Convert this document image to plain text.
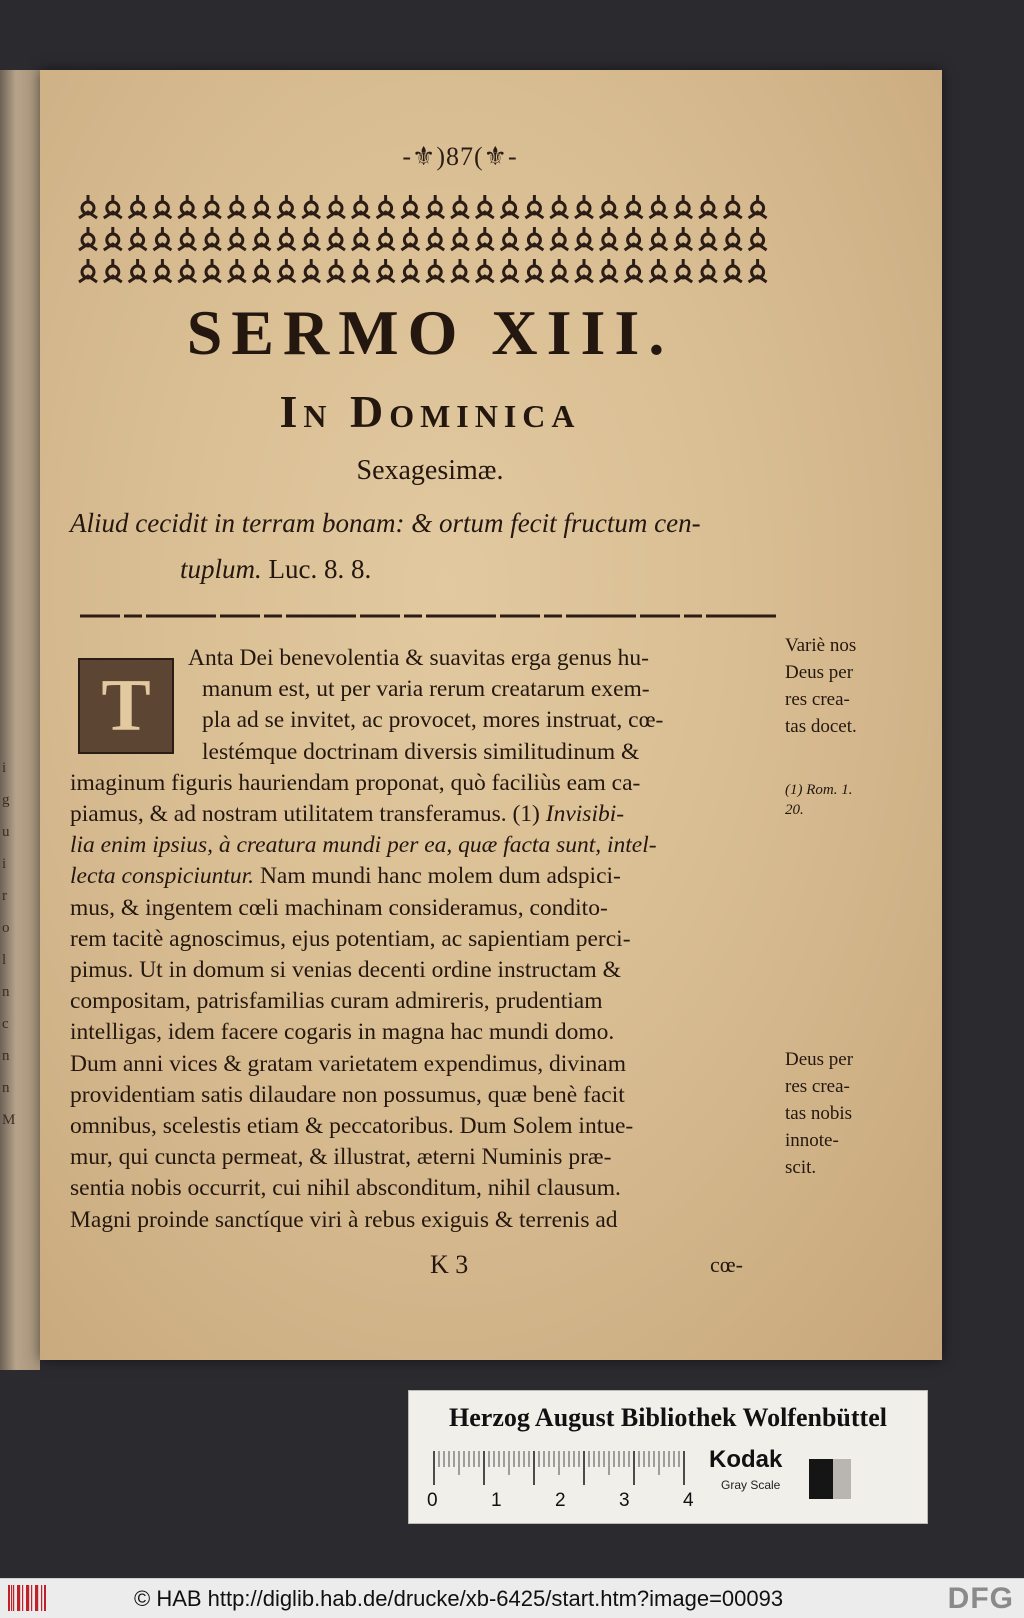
i
g
u
i
r
o
l
n
c
n
n
M
-⚜)87(⚜-
SERMO XIII.
In Dominica
Sexagesimæ.
Aliud cecidit in terram bonam: & ortum fecit fructum cen-
tuplum. Luc. 8. 8.
T
Anta Dei benevolentia & suavitas erga genus hu-
manum est, ut per varia rerum creatarum exem-
pla ad se invitet, ac provocet, mores instruat, cœ-
lestémque doctrinam diversis similitudinum &
imaginum figuris hauriendam proponat, quò faciliùs eam ca-
piamus, & ad nostram utilitatem transferamus. (1) Invisibi-
lia enim ipsius, à creatura mundi per ea, quæ facta sunt, intel-
lecta conspiciuntur. Nam mundi hanc molem dum adspici-
mus, & ingentem cœli machinam consideramus, condito-
rem tacitè agnoscimus, ejus potentiam, ac sapientiam perci-
pimus. Ut in domum si venias decenti ordine instructam &
compositam, patrisfamilias curam admireris, prudentiam
intelligas, idem facere cogaris in magna hac mundi domo.
Dum anni vices & gratam varietatem expendimus, divinam
providentiam satis dilaudare non possumus, quæ benè facit
omnibus, scelestis etiam & peccatoribus. Dum Solem intue-
mur, qui cuncta permeat, & illustrat, æterni Numinis præ-
sentia nobis occurrit, cui nihil absconditum, nihil clausum.
Magni proinde sanctíque viri à rebus exiguis & terrenis ad
Variè nos
Deus per
res crea-
tas docet.
(1) Rom. 1.
20.
Deus per
res crea-
tas nobis
innote-
scit.
K 3	cœ-
Herzog August Bibliothek Wolfenbüttel
0	1	2	3	4
Kodak
Gray Scale
© HAB http://diglib.hab.de/drucke/xb-6425/start.htm?image=00093	DFG
